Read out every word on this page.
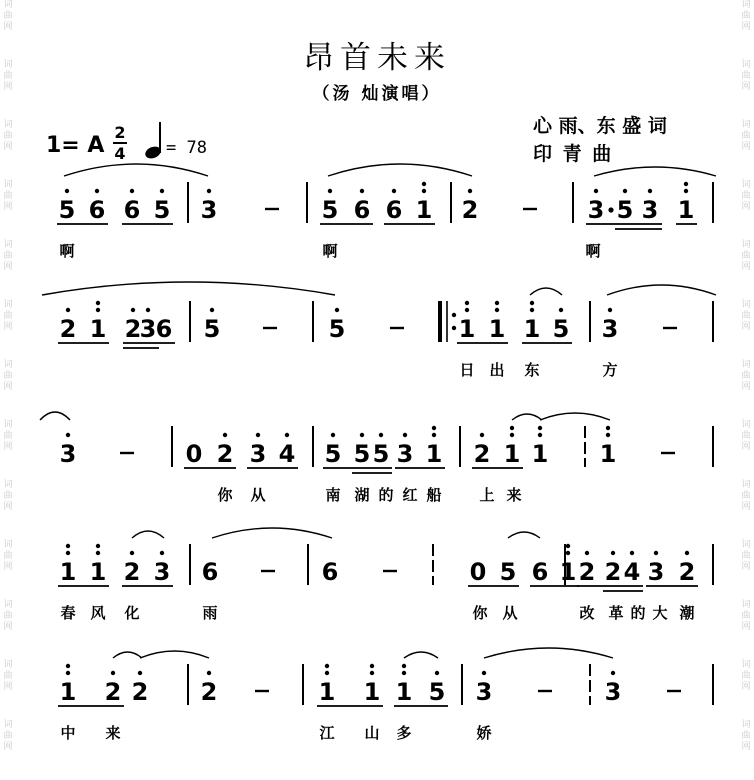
词
曲
网
词
曲
网
词
曲
网
词
曲
网
词
曲
网
词
曲
网
词
曲
网
词
曲
网
词
曲
网
词
曲
网
词
曲
网
词
曲
网
词
曲
网
词
曲
网
词
曲
网
词
曲
网
词
曲
网
词
曲
网
词
曲
网
词
曲
网
词
曲
网
词
曲
网
词
曲
网
词
曲
网
词
曲
网
词
曲
网
昂首未来
（汤 灿演唱）
1= A
2
4 = 78
心 雨、东 盛 词
印 青 曲
5 6 6 5 3	5 6 6 1 2	3 5 3 1
啊	啊	啊
2 1 2
3 6 5	5	1 1 1 5 3
日 出 东	方
3	0 2 3 4 5 5 5 3 1 2 1 1 1
你 从	南 湖 的 红 船	上 来
1 1 2 3 6	6	0 5 6 1 2 2 4 3 2
春 风 化	雨	你 从	改 革 的 大 潮
1 2 2 2	1 1 1 5 3	3
中 来	江 山 多	娇
